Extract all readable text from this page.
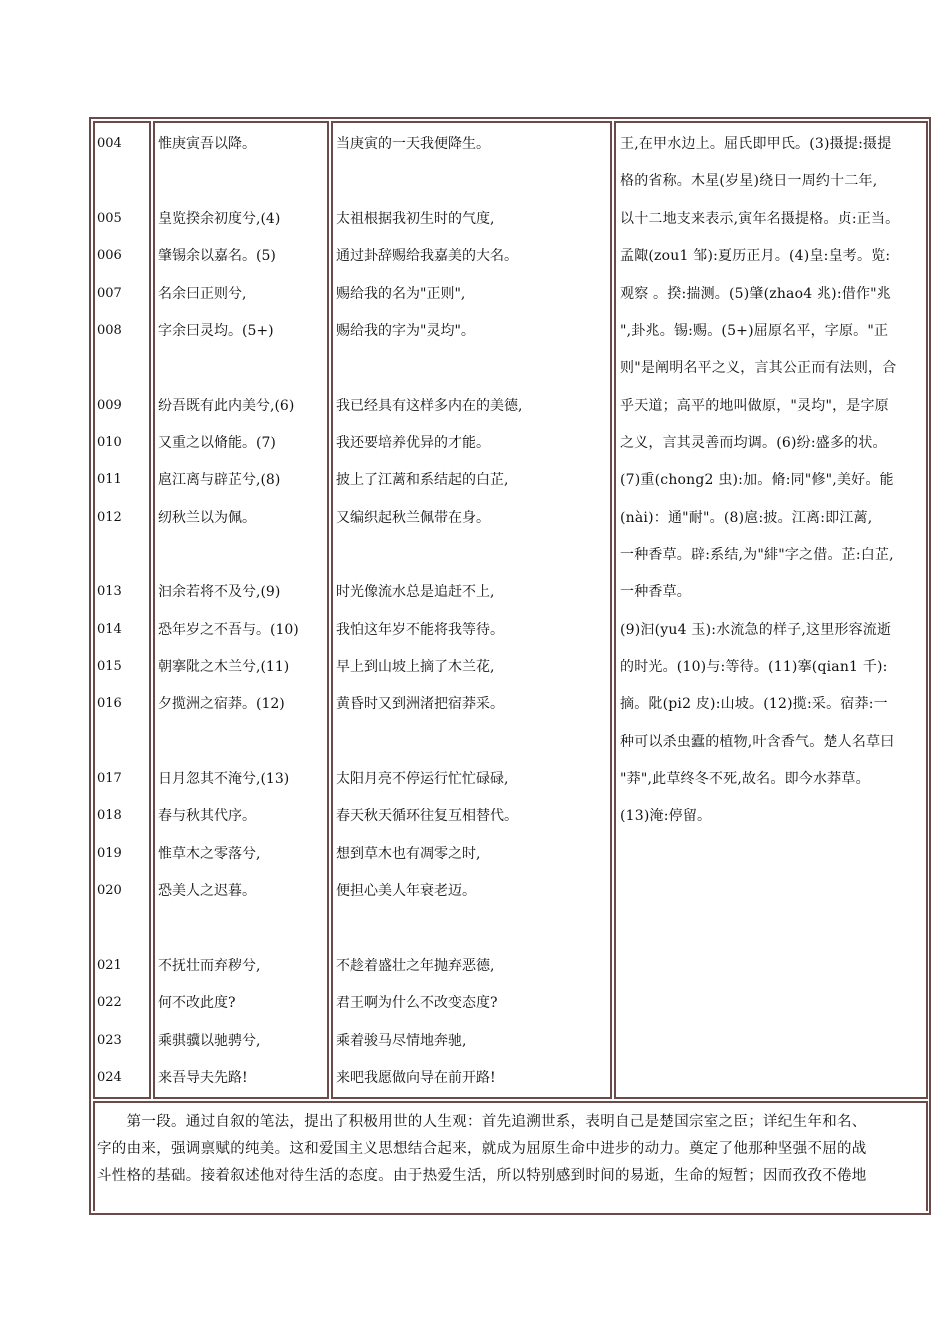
004	惟庚寅吾以降。	当庚寅的一天我便降生。
005	皇览揆余初度兮,(4)	太祖根据我初生时的气度,
006	肇锡余以嘉名。(5)	通过卦辞赐给我嘉美的大名。
007	名余曰正则兮,	赐给我的名为"正则",
008	字余曰灵均。(5+)	赐给我的字为"灵均"。
009	纷吾既有此内美兮,(6)	我已经具有这样多内在的美德,
010	又重之以脩能。(7)	我还要培养优异的才能。
011	扈江离与辟芷兮,(8)	披上了江蓠和系结起的白芷,
012	纫秋兰以为佩。	又编织起秋兰佩带在身。
013	汩余若将不及兮,(9)	时光像流水总是追赶不上,
014	恐年岁之不吾与。(10)	我怕这年岁不能将我等待。
015	朝搴阰之木兰兮,(11)	早上到山坡上摘了木兰花,
016	夕揽洲之宿莽。(12)	黄昏时又到洲渚把宿莽采。
017	日月忽其不淹兮,(13)	太阳月亮不停运行忙忙碌碌,
018	春与秋其代序。	春天秋天循环往复互相替代。
019	惟草木之零落兮,	想到草木也有凋零之时,
020	恐美人之迟暮。	便担心美人年衰老迈。
021	不抚壮而弃秽兮,	不趁着盛壮之年抛弃恶德,
022	何不改此度?	君王啊为什么不改变态度?
023	乘骐骥以驰骋兮,	乘着骏马尽情地奔驰,
024	来吾导夫先路!	来吧我愿做向导在前开路!
王,在甲水边上。屈氏即甲氏。(3)摄提:摄提
格的省称。木星(岁星)绕日一周约十二年,
以十二地支来表示,寅年名摄提格。贞:正当。
孟陬(zou1 邹):夏历正月。(4)皇:皇考。览:
观察 。揆:揣测。(5)肇(zhao4 兆):借作"兆
",卦兆。锡:赐。(5+)屈原名平，字原。"正
则"是阐明名平之义，言其公正而有法则，合
乎天道；高平的地叫做原，"灵均"，是字原
之义，言其灵善而均调。(6)纷:盛多的状。
(7)重(chong2 虫):加。脩:同"修",美好。能
(nài)：通"耐"。(8)扈:披。江离:即江蓠,
一种香草。辟:系结,为"緋"字之借。芷:白芷,
一种香草。
(9)汩(yu4 玉):水流急的样子,这里形容流逝
的时光。(10)与:等待。(11)搴(qian1 千):
摘。阰(pi2 皮):山坡。(12)揽:采。宿莽:一
种可以杀虫蠹的植物,叶含香气。楚人名草曰
"莽",此草终冬不死,故名。即今水莽草。
(13)淹:停留。
　　第一段。通过自叙的笔法，提出了积极用世的人生观：首先追溯世系，表明自己是楚国宗室之臣；详纪生年和名、
字的由来，强调禀赋的纯美。这和爱国主义思想结合起来，就成为屈原生命中进步的动力。奠定了他那种坚强不屈的战
斗性格的基础。接着叙述他对待生活的态度。由于热爱生活，所以特别感到时间的易逝，生命的短暂；因而孜孜不倦地
